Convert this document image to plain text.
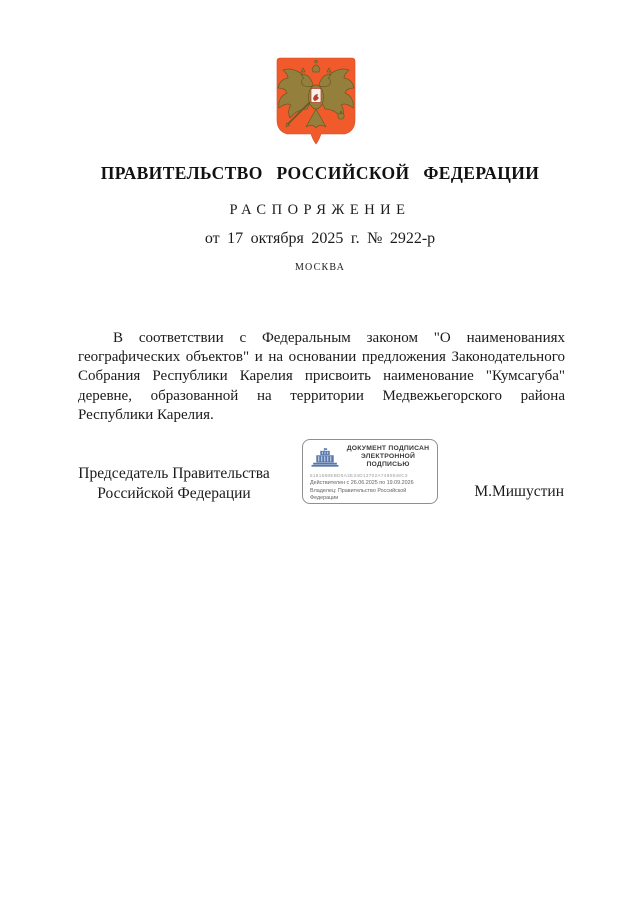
ПРАВИТЕЛЬСТВО РОССИЙСКОЙ ФЕДЕРАЦИИ
РАСПОРЯЖЕНИЕ
от 17 октября 2025 г. № 2922-р
МОСКВА
В соответствии с Федеральным законом "О наименованиях
географических объектов" и на основании предложения Законодательного
Собрания Республики Карелия присвоить наименование "Кумсагуба"
деревне, образованной на территории Медвежьегорского района
Республики Карелия.
Председатель Правительства
Российской Федерации
ДОКУМЕНТ ПОДПИСАН
ЭЛЕКТРОННОЙ ПОДПИСЬЮ
5181588EBD5A3E34D13702A7490948C3
Действителен с 26.06.2025 по 19.09.2026
Владелец: Правительство Российской Федерации	М.Мишустин
